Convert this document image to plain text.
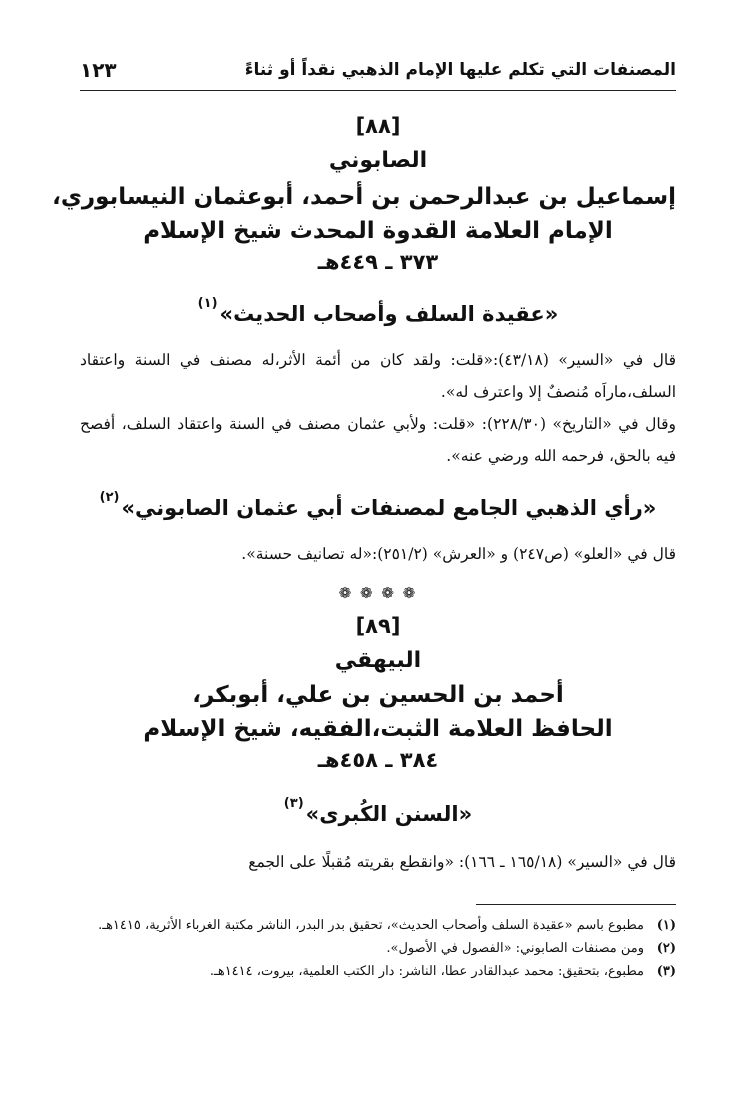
المصنفات التي تكلم عليها الإمام الذهبي نقداً أو ثناءً
١٢٣
[٨٨]
الصابوني
إسماعيل بن عبدالرحمن بن أحمد، أبوعثمان النيسابوري،
الإمام العلامة القدوة المحدث شيخ الإسلام
٣٧٣ ـ ٤٤٩هـ
«عقيدة السلف وأصحاب الحديث»$^{(١)}$
قال في «السير» (٤٣/١٨):«قلت: ولقد كان من أئمة الأثر،له مصنف في السنة واعتقاد السلف،ماراَه مُنصفٌ إلا واعترف له».
وقال في «التاريخ» (٢٢٨/٣٠): «قلت: ولأبي عثمان مصنف في السنة واعتقاد السلف، أفصح فيه بالحق، فرحمه الله ورضي عنه».
«رأي الذهبي الجامع لمصنفات أبي عثمان الصابوني»$^{(٢)}$
قال في «العلو» (ص٢٤٧) و «العرش» (٢٥١/٢):«له تصانيف حسنة».
❁ ❁ ❁ ❁
[٨٩]
البيهقي
أحمد بن الحسين بن علي، أبوبكر،
الحافظ العلامة الثبت،الفقيه، شيخ الإسلام
٣٨٤ ـ ٤٥٨هـ
«السنن الكُبرى»$^{(٣)}$
قال في «السير» (١٦٥/١٨ ـ ١٦٦): «وانقطع بقريته مُقبلًا على الجمع
(١)
مطبوع باسم «عقيدة السلف وأصحاب الحديث»، تحقيق بدر البدر، الناشر مكتبة الغرباء الأثرية، ١٤١٥هـ.
(٢)
ومن مصنفات الصابوني: «الفصول في الأصول».
(٣)
مطبوع، بتحقيق: محمد عبدالقادر عطا، الناشر: دار الكتب العلمية، بيروت، ١٤١٤هـ.
